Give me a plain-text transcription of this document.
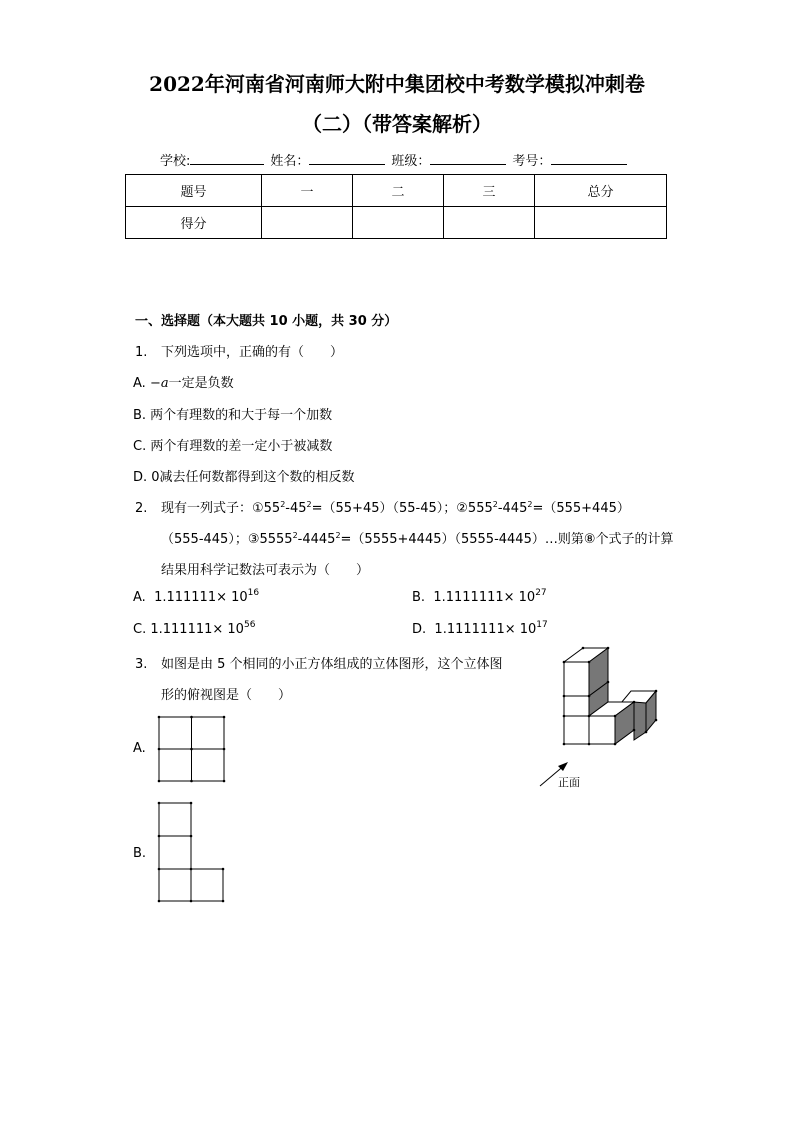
2022年河南省河南师大附中集团校中考数学模拟冲刺卷
（二）（带答案解析）
学校:	姓名：	班级：	考号：
题号	一	二	三	总分
得分				
一、选择题（本大题共 10 小题，共 30 分）
1. 下列选项中，正确的有（　　）
A. −a一定是负数
B. 两个有理数的和大于每一个加数
C. 两个有理数的差一定小于被减数
D. 0减去任何数都得到这个数的相反数
2. 现有一列式子：$①55^2-45^2=(55+45)(55-45)$；$②555^2-445^2=(555+445)$
（555-445）；$③5555^2-4445^2=(5555+4445)(5555-4445)\dots$则第⑧个式子的计算
结果用科学记数法可表示为（　　）
A. $1.111111\times 10^{16}$	B. $1.1111111\times 10^{27}$
C. $1.111111\times 10^{56}$	D. $1.1111111\times 10^{17}$
3. 如图是由 5 个相同的小正方体组成的立体图形，这个立体图
形的俯视图是（　　）
正面
A.
B.
